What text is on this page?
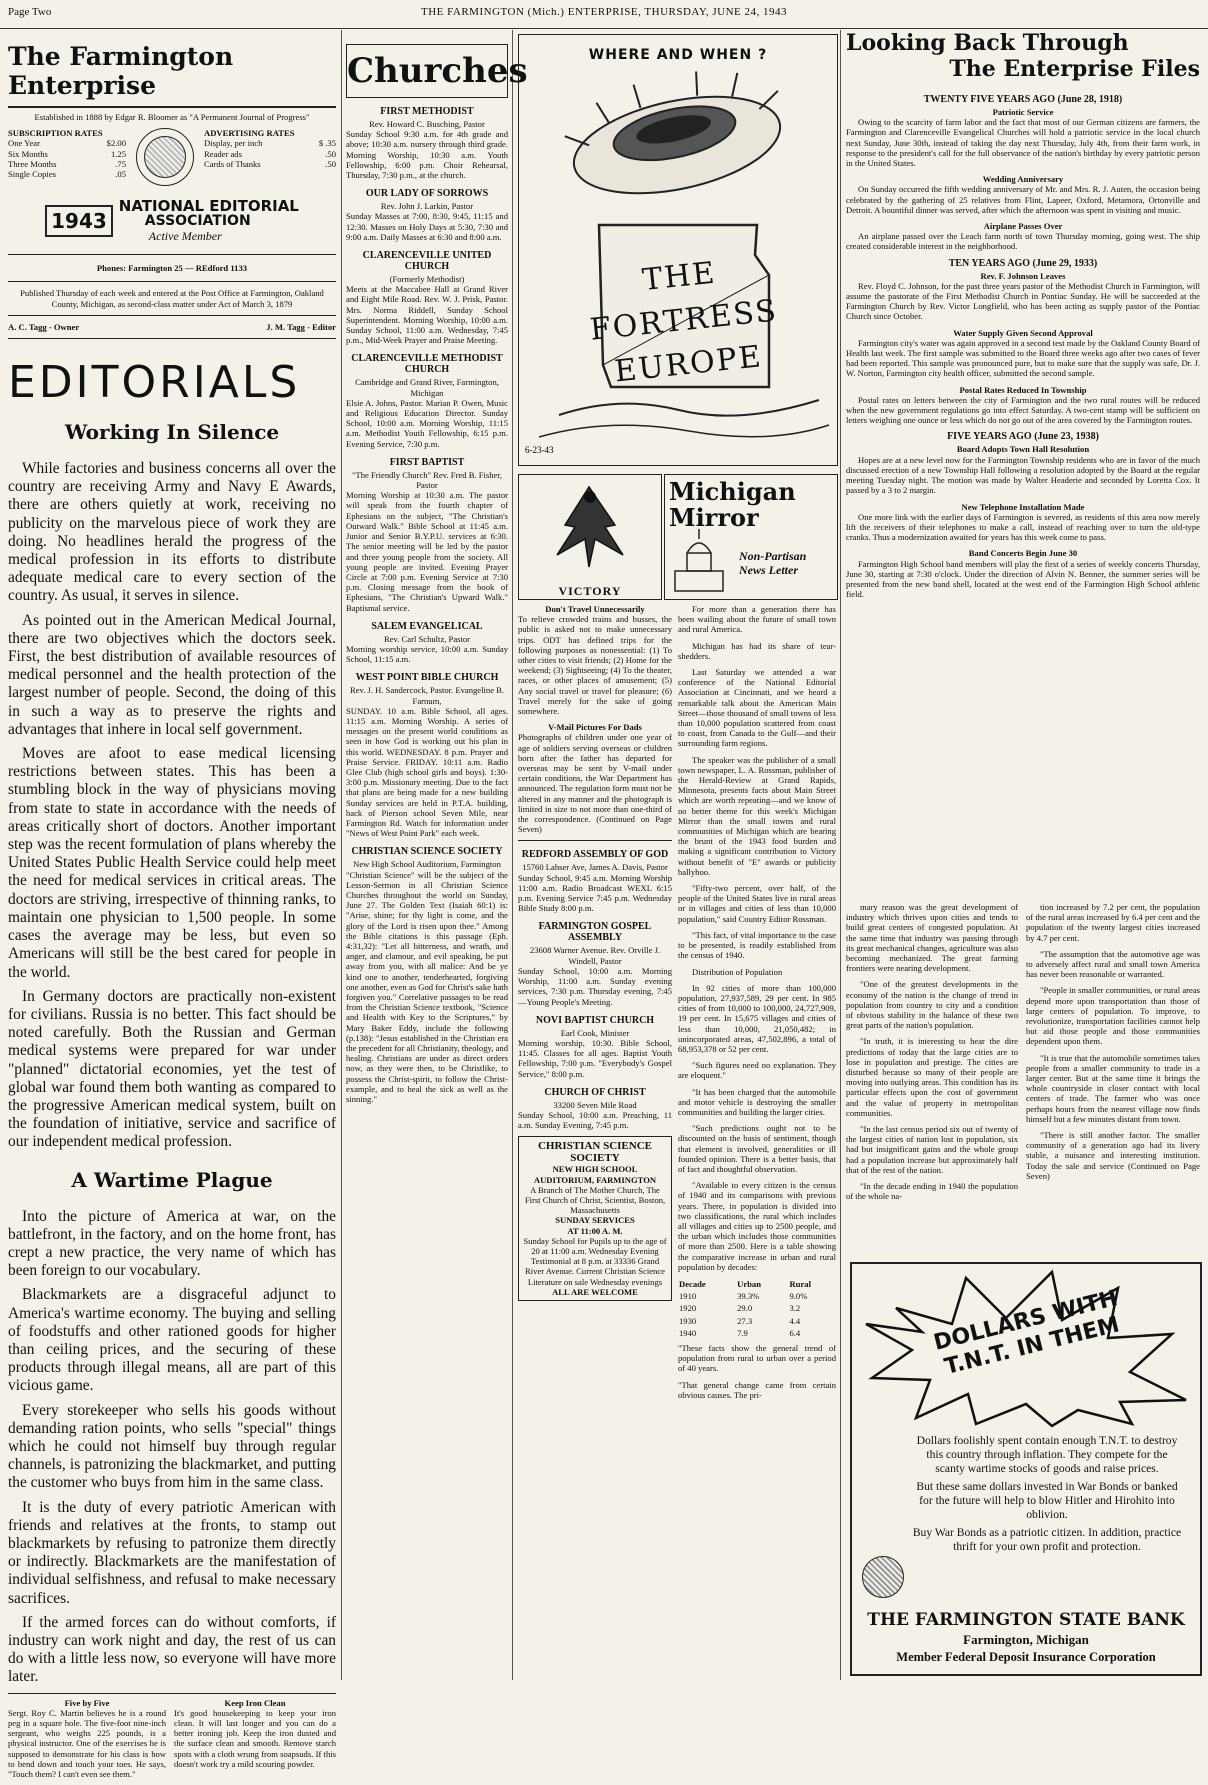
Page Two	THE FARMINGTON (Mich.) ENTERPRISE, THURSDAY, JUNE 24, 1943
The Farmington Enterprise
Established in 1888 by Edgar R. Bloomer as "A Permanent Journal of Progress"
SUBSCRIPTION RATES
One Year	$2.00
Six Months	1.25
Three Months	.75
Single Copies	.05
ADVERTISING RATES
Display, per inch	$ .35
Reader ads	.50
Cards of Thanks	.50
1943
NATIONAL EDITORIAL
ASSOCIATION
Active Member
Phones: Farmington 25 — REdford 1133
Published Thursday of each week and entered at the Post Office at Farmington, Oakland County, Michigan, as second-class matter under Act of March 3, 1879
A. C. Tagg - Owner	J. M. Tagg - Editor
EDITORIALS
Working In Silence

While factories and business concerns all over the country are receiving Army and Navy E Awards, there are others quietly at work, receiving no publicity on the marvelous piece of work they are doing. No headlines herald the progress of the medical profession in its efforts to distribute adequate medical care to every section of the country. As usual, it serves in silence.

As pointed out in the American Medical Journal, there are two objectives which the doctors seek. First, the best distribution of available resources of medical personnel and the health protection of the largest number of people. Second, the doing of this in such a way as to preserve the rights and advantages that inhere in local self government.

Moves are afoot to ease medical licensing restrictions between states. This has been a stumbling block in the way of physicians moving from state to state in accordance with the needs of areas critically short of doctors. Another important step was the recent formulation of plans whereby the United States Public Health Service could help meet the need for medical services in critical areas. The doctors are striving, irrespective of thinning ranks, to maintain one physician to 1,500 people. In some cases the average may be less, but even so Americans will still be the best cared for people in the world.

In Germany doctors are practically non-existent for civilians. Russia is no better. This fact should be noted carefully. Both the Russian and German medical systems were prepared for war under "planned" dictatorial economies, yet the test of global war found them both wanting as compared to the progressive American medical system, built on the foundation of initiative, service and sacrifice of our independent medical profession.

A Wartime Plague

Into the picture of America at war, on the battlefront, in the factory, and on the home front, has crept a new practice, the very name of which has been foreign to our vocabulary.

Blackmarkets are a disgraceful adjunct to America's wartime economy. The buying and selling of foodstuffs and other rationed goods for higher than ceiling prices, and the securing of these products through illegal means, all are part of this vicious game.

Every storekeeper who sells his goods without demanding ration points, who sells "special" things which he could not himself buy through regular channels, is patronizing the blackmarket, and putting the customer who buys from him in the same class.

It is the duty of every patriotic American with friends and relatives at the fronts, to stamp out blackmarkets by refusing to patronize them directly or indirectly. Blackmarkets are the manifestation of individual selfishness, and refusal to make necessary sacrifices.

If the armed forces can do without comforts, if industry can work night and day, the rest of us can do with a little less now, so everyone will have more later.

Five by Five

Sergt. Roy C. Martin believes he is a round peg in a square hole. The five-foot nine-inch sergeant, who weighs 225 pounds, is a physical instructor. One of the exercises he is supposed to demonstrate for his class is how to bend down and touch your toes. He says, "Touch them? I can't even see them."

Keep Iron Clean

It's good housekeeping to keep your iron clean. It will last longer and you can do a better ironing job. Keep the iron dusted and the surface clean and smooth. Remove starch spots with a cloth wrung from soapsuds. If this doesn't work try a mild scouring powder.

Churches
FIRST METHODIST
Rev. Howard C. Busching, Pastor

Sunday School 9:30 a.m. for 4th grade and above; 10:30 a.m. nursery through third grade. Morning Worship, 10:30 a.m. Youth Fellowship, 6:00 p.m. Choir Rehearsal, Thursday, 7:30 p.m., at the church.

OUR LADY OF SORROWS
Rev. John J. Larkin, Pastor

Sunday Masses at 7:00, 8:30, 9:45, 11:15 and 12:30. Masses on Holy Days at 5:30, 7:30 and 9:00 a.m. Daily Masses at 6:30 and 8:00 a.m.

CLARENCEVILLE UNITED CHURCH
(Formerly Methodist)

Meets at the Maccabee Hall at Grand River and Eight Mile Road. Rev. W. J. Prisk, Pastor. Mrs. Norma Riddell, Sunday School Superintendent. Morning Worship, 10:00 a.m. Sunday School, 11:00 a.m. Wednesday, 7:45 p.m., Mid-Week Prayer and Praise Meeting.

CLARENCEVILLE METHODIST CHURCH
Cambridge and Grand River, Farmington, Michigan

Elsie A. Johns, Pastor. Marian P. Owen, Music and Religious Education Director. Sunday School, 10:00 a.m. Morning Worship, 11:15 a.m. Methodist Youth Fellowship, 6:15 p.m. Evening Service, 7:30 p.m.

FIRST BAPTIST
"The Friendly Church" Rev. Fred B. Fisher, Pastor

Morning Worship at 10:30 a.m. The pastor will speak from the fourth chapter of Ephesians on the subject, "The Christian's Outward Walk." Bible School at 11:45 a.m. Junior and Senior B.Y.P.U. services at 6:30. The senior meeting will be led by the pastor and three young people from the society. All young people are invited. Evening Prayer Circle at 7:00 p.m. Evening Service at 7:30 p.m. Closing message from the book of Ephesians, "The Christian's Upward Walk." Baptismal service.

SALEM EVANGELICAL
Rev. Carl Schultz, Pastor

Morning worship service, 10:00 a.m. Sunday School, 11:15 a.m.

WEST POINT BIBLE CHURCH
Rev. J. H. Sandercock, Pastor. Evangeline B. Farnum,

SUNDAY. 10 a.m. Bible School, all ages. 11:15 a.m. Morning Worship. A series of messages on the present world conditions as seen in how God is working out his plan in this world. WEDNESDAY. 8 p.m. Prayer and Praise Service. FRIDAY. 10:11 a.m. Radio Glee Club (high school girls and boys). 1:30-3:00 p.m. Missionary meeting. Due to the fact that plans are being made for a new building Sunday services are held in P.T.A. building, back of Pierson school Seven Mile, near Farmington Rd. Watch for information under "News of West Point Park" each week.

CHRISTIAN SCIENCE SOCIETY
New High School Auditorium, Farmington

"Christian Science" will be the subject of the Lesson-Sermon in all Christian Science Churches throughout the world on Sunday, June 27. The Golden Text (Isaiah 60:1) is: "Arise, shine; for thy light is come, and the glory of the Lord is risen upon thee." Among the Bible citations is this passage (Eph. 4:31,32): "Let all bitterness, and wrath, and anger, and clamour, and evil speaking, be put away from you, with all malice: And be ye kind one to another, tenderhearted, forgiving one another, even as God for Christ's sake hath forgiven you." Correlative passages to be read from the Christian Science textbook, "Science and Health with Key to the Scriptures," by Mary Baker Eddy, include the following (p.138): "Jesus established in the Christian era the precedent for all Christianity, theology, and healing. Christians are under as direct orders now, as they were then, to be Christlike, to possess the Christ-spirit, to follow the Christ-example, and to heal the sick as well as the sinning."

WHERE AND WHEN ?
6-23-43
THE FORTRESS EUROPE
VICTORY
Michigan Mirror
Non-Partisan News Letter
Don't Travel Unnecessarily

To relieve crowded trains and busses, the public is asked not to make unnecessary trips. ODT has defined trips for the following purposes as nonessential: (1) To other cities to visit friends; (2) Home for the weekend; (3) Sightseeing; (4) To the theater, races, or other places of amusement; (5) Any social travel or travel for pleasure; (6) Travel merely for the sake of going somewhere.

V-Mail Pictures For Dads

Photographs of children under one year of age of soldiers serving overseas or children born after the father has departed for overseas may be sent by V-mail under certain conditions, the War Department has announced. The regulation form must not be altered in any manner and the photograph is limited in size to not more than one-third of the correspondence. (Continued on Page Seven)

REDFORD ASSEMBLY OF GOD
15760 Lahser Ave, James A. Davis, Pastor

Sunday School, 9:45 a.m. Morning Worship 11:00 a.m. Radio Broadcast WEXL 6:15 p.m. Evening Service 7:45 p.m. Wednesday Bible Study 8:00 p.m.

FARMINGTON GOSPEL ASSEMBLY
23608 Warner Avenue. Rev. Orville J. Windell, Pastor

Sunday School, 10:00 a.m. Morning Worship, 11:00 a.m. Sunday evening services, 7:30 p.m. Thursday evening, 7:45—Young People's Meeting.

NOVI BAPTIST CHURCH
Earl Cook, Minister

Morning worship, 10:30. Bible School, 11:45. Classes for all ages. Baptist Youth Fellowship, 7:00 p.m. "Everybody's Gospel Service," 8:00 p.m.

CHURCH OF CHRIST
33200 Seven Mile Road

Sunday School, 10:00 a.m. Preaching, 11 a.m. Sunday Evening, 7:45 p.m.

CHRISTIAN SCIENCE SOCIETY
NEW HIGH SCHOOL AUDITORIUM, FARMINGTON
A Branch of The Mother Church, The First Church of Christ, Scientist, Boston, Massachusetts
SUNDAY SERVICES
AT 11:00 A. M.
Sunday School for Pupils up to the age of 20 at 11:00 a.m. Wednesday Evening Testimonial at 8 p.m. at 33336 Grand River Avenue. Current Christian Science Literature on sale Wednesday evenings
ALL ARE WELCOME

For more than a generation there has been wailing about the future of small town and rural America.

Michigan has had its share of tear-shedders.

Last Saturday we attended a war conference of the National Editorial Association at Cincinnati, and we heard a remarkable talk about the American Main Street—those thousand of small towns of less than 10,000 population scattered from coast to coast, from Canada to the Gulf—and their surrounding farm regions.

The speaker was the publisher of a small town newspaper, L. A. Rossman, publisher of the Herald-Review at Grand Rapids, Minnesota, presents facts about Main Street which are worth repeating—and we know of no better theme for this week's Michigan Mirror than the small towns and rural communities of Michigan which are bearing the brunt of the 1943 food burden and making a significant contribution to Victory without benefit of "E" awards or publicity ballyhoo.

"Fifty-two percent, over half, of the people of the United States live in rural areas or in villages and cities of less than 10,000 population," said Country Editor Rossman.

"This fact, of vital importance to the case to be presented, is readily established from the census of 1940.

Distribution of Population

In 92 cities of more than 100,000 population, 27,937,589, 29 per cent. In 985 cities of from 10,000 to 100,000, 24,727,909, 19 per cent. In 15,675 villages and cities of less than 10,000, 21,050,482; in unincorporated areas, 47,502,896, a total of 68,953,378 or 52 per cent.

"Such figures need no explanation. They are eloquent."

"It has been charged that the automobile and motor vehicle is destroying the smaller communities and building the larger cities.

"Such predictions ought not to be discounted on the basis of sentiment, though that element is involved, generalities or ill founded opinion. There is a better basis, that of fact and thoughtful observation.

"Available to every citizen is the census of 1940 and its comparisons with previous years. There, in population is divided into two classifications, the rural which includes all villages and cities up to 2500 people, and the urban which includes those communities of more than 2500. Here is a table showing the comparative increase in urban and rural population by decades:

Decade	Urban	Rural
1910	39.3%	9.0%
1920	29.0	3.2
1930	27.3	4.4
1940	7.9	6.4

"These facts show the general trend of population from rural to urban over a period of 40 years.

"That general change came from certain obvious causes. The pri-

Looking Back Through
The Enterprise Files
TWENTY FIVE YEARS AGO (June 28, 1918)
Patriotic Service

Owing to the scarcity of farm labor and the fact that most of our German citizens are farmers, the Farmington and Clarenceville Evangelical Churches will hold a patriotic service in the local church next Sunday, June 30th, instead of taking the day next Thursday, July 4th, from their farm work, in response to the president's call for the full observance of the nation's birthday by every patriotic person in the United States.

Wedding Anniversary

On Sunday occurred the fifth wedding anniversary of Mr. and Mrs. R. J. Auten, the occasion being celebrated by the gathering of 25 relatives from Flint, Lapeer, Oxford, Metamora, Ortonville and Detroit. A bountiful dinner was served, after which the afternoon was spent in visiting and music.

Airplane Passes Over

An airplane passed over the Leach farm north of town Thursday morning, going west. The ship created considerable interest in the neighborhood.

TEN YEARS AGO (June 29, 1933)
Rev. F. Johnson Leaves

Rev. Floyd C. Johnson, for the past three years pastor of the Methodist Church in Farmington, will assume the pastorate of the First Methodist Church in Pontiac Sunday. He will be succeeded at the Farmington Church by Rev. Victor Longfield, who has been acting as supply pastor of the Pontiac Church since October.

Water Supply Given Second Approval

Farmington city's water was again approved in a second test made by the Oakland County Board of Health last week. The first sample was submitted to the Board three weeks ago after two cases of fever had been reported. This sample was pronounced pure, but to make sure that the supply was safe, Dr. J. W. Norton, Farmington city health officer, submitted the second sample.

Postal Rates Reduced In Township

Postal rates on letters between the city of Farmington and the two rural routes will be reduced when the new government regulations go into effect Saturday. A two-cent stamp will be sufficient on letters weighing one ounce or less which do not go out of the area covered by the Farmington routes.

FIVE YEARS AGO (June 23, 1938)
Board Adopts Town Hall Resolution

Hopes are at a new level now for the Farmington Township residents who are in favor of the much discussed erection of a new Township Hall following a resolution adopted by the Board at the regular meeting Tuesday night. The motion was made by Walter Headerie and seconded by Loretta Cox. It passed by a 3 to 2 margin.

New Telephone Installation Made

One more link with the earlier days of Farmington is severed, as residents of this area now merely lift the receivers of their telephones to make a call, instead of reaching over to turn the old-type cranks. Thus a modernization awaited for years has this week come to pass.

Band Concerts Begin June 30

Farmington High School band members will play the first of a series of weekly concerts Thursday, June 30, starting at 7:30 o'clock. Under the direction of Alvin N. Benner, the summer series will be presented from the new band shell, located at the west end of the Farmington High School athletic field.

mary reason was the great development of industry which thrives upon cities and tends to build great centers of congested population. At the same time that industry was passing through its great mechanical changes, agriculture was also becoming mechanized. The great farming frontiers were nearing development.

"One of the greatest developments in the economy of the nation is the change of trend in population from country to city and a condition of obvious stability in the balance of these two great parts of the nation's population.

"In truth, it is interesting to hear the dire predictions of today that the large cities are to lose in population and prestige. The cities are disturbed because so many of their people are moving into outlying areas. This condition has its particular effects upon the cost of government and the value of property in metropolitan communities.

"In the last census period six out of twenty of the largest cities of nation lost in population, six had but insignificant gains and the whole group had a population increase but approximately half that of the rest of the nation.

"In the decade ending in 1940 the population of the whole na-

tion increased by 7.2 per cent, the population of the rural areas increased by 6.4 per cent and the population of the twenty largest cities increased by 4.7 per cent.

"The assumption that the automotive age was to adversely affect rural and small town America has never been reasonable or warranted.

"People in smaller communities, or rural areas depend more upon transportation than those of large centers of population. To improve, to revolutionize, transportation facilities cannot help but aid those people and those communities dependent upon them.

"It is true that the automobile sometimes takes people from a smaller community to trade in a larger center. But at the same time it brings the whole countryside in closer contact with local centers of trade. The farmer who was once perhaps hours from the nearest village now finds himself but a few minutes distant from town.

"There is still another factor. The smaller community of a generation ago had its livery stable, a nuisance and interesting institution. Today the sale and service (Continued on Page Seven)

DOLLARS WITH T.N.T. IN THEM

Dollars foolishly spent contain enough T.N.T. to destroy this country through inflation. They compete for the scanty wartime stocks of goods and raise prices.

But these same dollars invested in War Bonds or banked for the future will help to blow Hitler and Hirohito into oblivion.

Buy War Bonds as a patriotic citizen. In addition, practice thrift for your own profit and protection.

THE FARMINGTON STATE BANK
Farmington, Michigan
Member Federal Deposit Insurance Corporation
